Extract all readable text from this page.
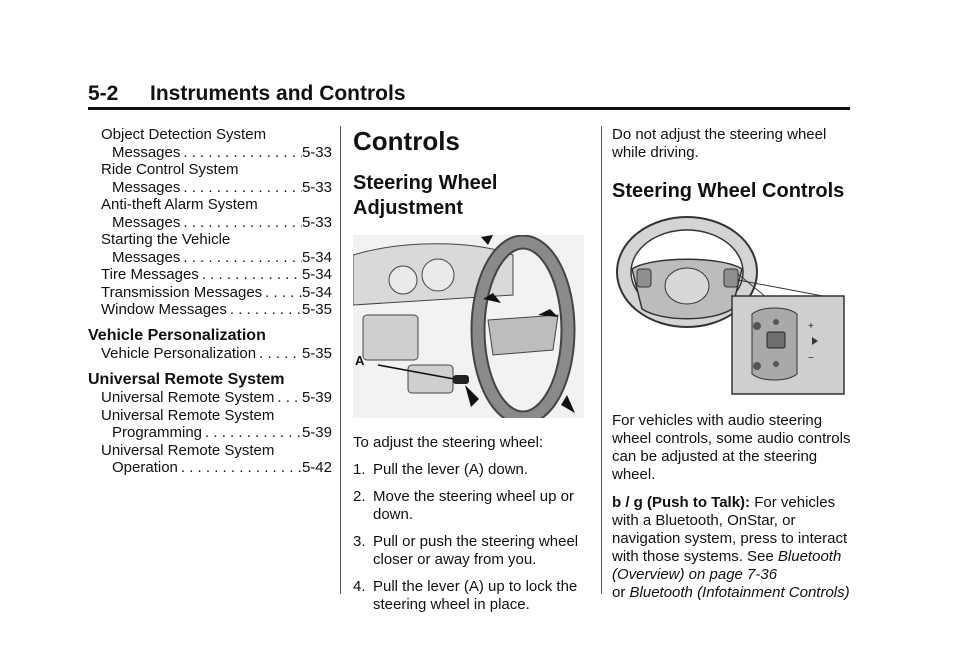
5-2 Instruments and Controls
Object Detection System
Messages . . .	5-33
Ride Control System
Messages . . .	5-33
Anti-theft Alarm System
Messages . . .	5-33
Starting the Vehicle
Messages . . .	5-34
Tire Messages . . .	5-34
Transmission Messages . . .	5-34
Window Messages . . .	5-35
Vehicle Personalization
Vehicle Personalization . . .	5-35
Universal Remote System
Universal Remote System . . . 5-39
Universal Remote System
Programming . . .	5-39
Universal Remote System
Operation . . .	5-42
Controls
Steering Wheel Adjustment
A

To adjust the steering wheel:

1. Pull the lever (A) down.
2. Move the steering wheel up or down.
3. Pull or push the steering wheel closer or away from you.
4. Pull the lever (A) up to lock the steering wheel in place.

Do not adjust the steering wheel while driving.

Steering Wheel Controls
+
−

For vehicles with audio steering wheel controls, some audio controls can be adjusted at the steering wheel.

b / g (Push to Talk): For vehicles with a Bluetooth, OnStar, or navigation system, press to interact with those systems. See Bluetooth (Overview) on page 7-36
or Bluetooth (Infotainment Controls)
